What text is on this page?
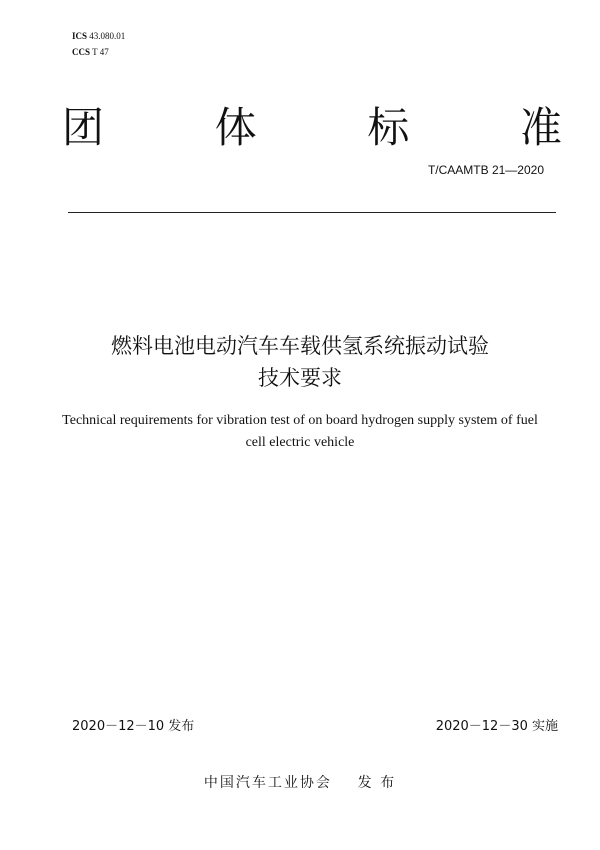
ICS 43.080.01
CCS T 47
团	体	标	准
T/CAAMTB 21—2020
燃料电池电动汽车车载供氢系统振动试验
技术要求
Technical requirements for vibration test of on board hydrogen supply system of fuel
cell electric vehicle
2020－12－10 发布	2020－12－30 实施
中国汽车工业协会 发 布
